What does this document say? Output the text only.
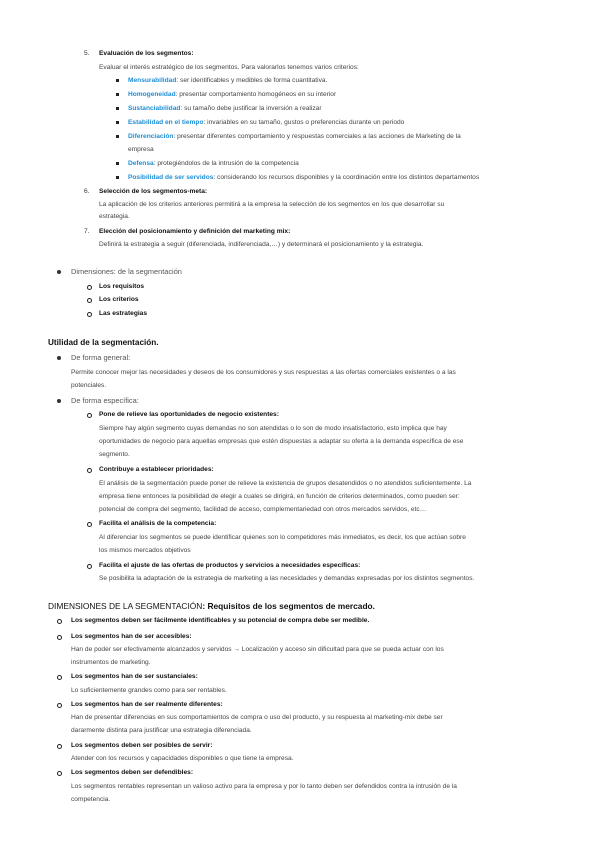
5. Evaluación de los segmentos:
Evaluar el interés estratégico de los segmentos. Para valorarlos tenemos varios criterios:
Mensurabilidad: ser identificables y medibles de forma cuantitativa.
Homogeneidad: presentar comportamiento homogéneos en su interior
Sustanciabilidad: su tamaño debe justificar la inversión a realizar
Estabilidad en el tiempo: invariables en su tamaño, gustos o preferencias durante un periodo
Diferenciación: presentar diferentes comportamiento y respuestas comerciales a las acciones de Marketing de la
empresa
Defensa: protegiéndolos de la intrusión de la competencia
Posibilidad de ser servidos: considerando los recursos disponibles y la coordinación entre los distintos departamentos
6. Selección de los segmentos-meta:
La aplicación de los criterios anteriores permitirá a la empresa la selección de los segmentos en los que desarrollar su
estrategia.
7. Elección del posicionamiento y definición del marketing mix:
Definirá la estrategia a seguir (diferenciada, indiferenciada,…) y determinará el posicionamiento y la estrategia.
Dimensiones: de la segmentación
Los requisitos
Los criterios
Las estrategias
Utilidad de la segmentación.
De forma general:
Permite conocer mejor las necesidades y deseos de los consumidores y sus respuestas a las ofertas comerciales existentes o a las
potenciales.
De forma específica:
Pone de relieve las oportunidades de negocio existentes:
Siempre hay algún segmento cuyas demandas no son atendidas o lo son de modo insatisfactorio, esto implica que hay
oportunidades de negocio para aquellas empresas que estén dispuestas a adaptar su oferta a la demanda específica de ese
segmento.
Contribuye a establecer prioridades:
El análisis de la segmentación puede poner de relieve la existencia de grupos desatendidos o no atendidos suficientemente. La
empresa tiene entonces la posibilidad de elegir a cuales se dirigirá, en función de criterios determinados, como pueden ser:
potencial de compra del segmento, facilidad de acceso, complementariedad con otros mercados servidos, etc…
Facilita el análisis de la competencia:
Al diferenciar los segmentos se puede identificar quienes son lo competidores más inmediatos, es decir, los que actúan sobre
los mismos mercados objetivos
Facilita el ajuste de las ofertas de productos y servicios a necesidades específicas:
Se posibilita la adaptación de la estrategia de marketing a las necesidades y demandas expresadas por los distintos segmentos.
DIMENSIONES DE LA SEGMENTACIÓN: Requisitos de los segmentos de mercado.
Los segmentos deben ser fácilmente identificables y su potencial de compra debe ser medible.
Los segmentos han de ser accesibles:
Han de poder ser efectivamente alcanzados y servidos → Localización y acceso sin dificultad para que se pueda actuar con los
instrumentos de marketing.
Los segmentos han de ser sustanciales:
Lo suficientemente grandes como para ser rentables.
Los segmentos han de ser realmente diferentes:
Han de presentar diferencias en sus comportamientos de compra o uso del producto, y su respuesta al marketing-mix debe ser
dararmente distinta para justificar una estrategia diferenciada.
Los segmentos deben ser posibles de servir:
Atender con los recursos y capacidades disponibles o que tiene la empresa.
Los segmentos deben ser defendibles:
Los segmentos rentables representan un valioso activo para la empresa y por lo tanto deben ser defendidos contra la intrusión de la
competencia.
